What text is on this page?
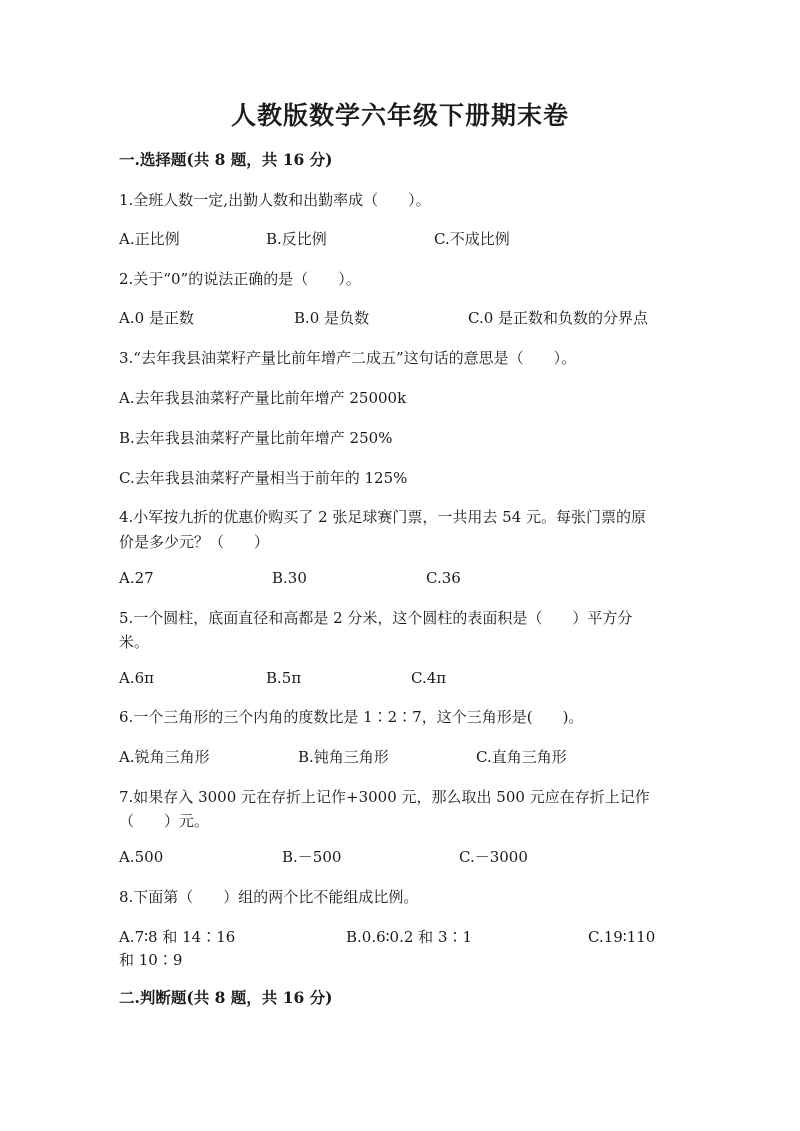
人教版数学六年级下册期末卷
一.选择题(共 8 题，共 16 分)
1.全班人数一定,出勤人数和出勤率成（　　）。
A.正比例	B.反比例	C.不成比例
2.关于“0”的说法正确的是（　　）。
A.0 是正数	B.0 是负数	C.0 是正数和负数的分界点
3.“去年我县油菜籽产量比前年增产二成五”这句话的意思是（　　）。
A.去年我县油菜籽产量比前年增产 25000k
B.去年我县油菜籽产量比前年增产 250%
C.去年我县油菜籽产量相当于前年的 125%
4.小军按九折的优惠价购买了 2 张足球赛门票，一共用去 54 元。每张门票的原
价是多少元？（　　）
A.27	B.30	C.36
5.一个圆柱，底面直径和高都是 2 分米，这个圆柱的表面积是（　　）平方分
米。
A.6π	B.5π	C.4π
6.一个三角形的三个内角的度数比是 1∶2∶7，这个三角形是(　　)。
A.锐角三角形	B.钝角三角形	C.直角三角形
7.如果存入 3000 元在存折上记作+3000 元，那么取出 500 元应在存折上记作
（　　）元。
A.500	B.－500	C.－3000
8.下面第（　　）组的两个比不能组成比例。
A.7∶8 和 14∶16	B.0.6∶0.2 和 3∶1	C.19∶110
和 10∶9
二.判断题(共 8 题，共 16 分)
